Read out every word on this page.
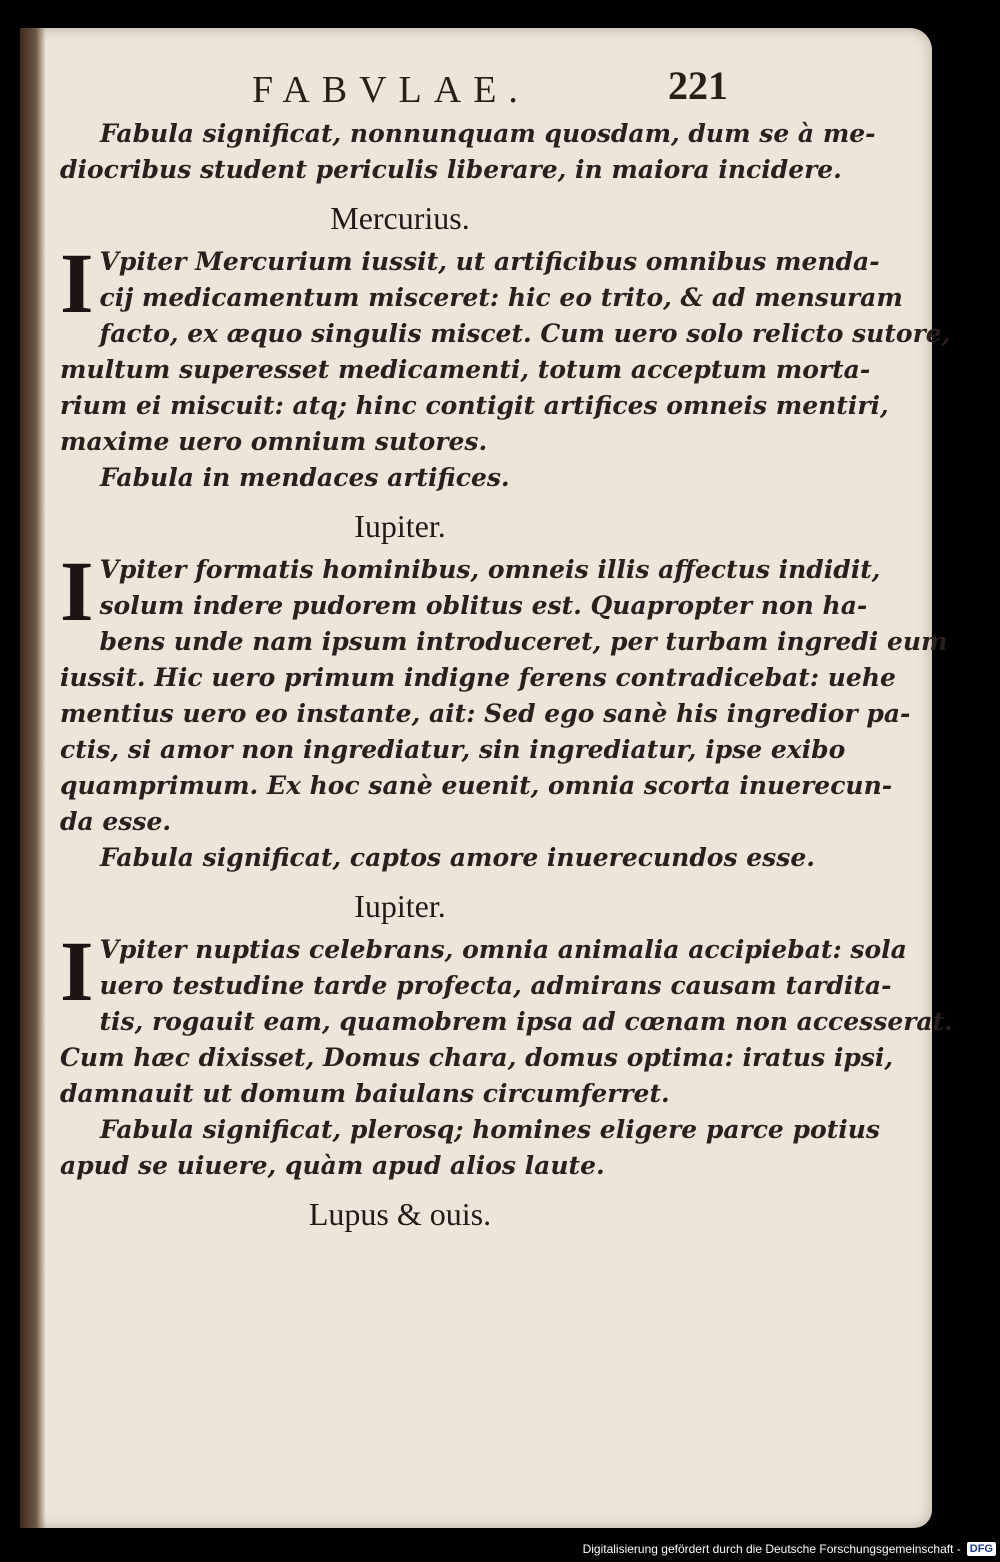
FABVLAE.	221

Fabula significat, nonnunquam quosdam, dum se à me-
diocribus student periculis liberare, in maiora incidere.

Mercurius.
I Vpiter Mercurium iussit, ut artificibus omnibus menda-
cij medicamentum misceret: hic eo trito, & ad mensuram
facto, ex æquo singulis miscet. Cum uero solo relicto sutore,
multum superesset medicamenti, totum acceptum morta-
rium ei miscuit: atq; hinc contigit artifices omneis mentiri,
maxime uero omnium sutores.

Fabula in mendaces artifices.

Iupiter.
I Vpiter formatis hominibus, omneis illis affectus indidit,
solum indere pudorem oblitus est. Quapropter non ha-
bens unde nam ipsum introduceret, per turbam ingredi eum
iussit. Hic uero primum indigne ferens contradicebat: uehe
mentius uero eo instante, ait: Sed ego sanè his ingredior pa-
ctis, si amor non ingrediatur, sin ingrediatur, ipse exibo
quamprimum. Ex hoc sanè euenit, omnia scorta inuerecun-
da esse.

Fabula significat, captos amore inuerecundos esse.

Iupiter.
I Vpiter nuptias celebrans, omnia animalia accipiebat: sola
uero testudine tarde profecta, admirans causam tardita-
tis, rogauit eam, quamobrem ipsa ad cœnam non accesserat.
Cum hæc dixisset, Domus chara, domus optima: iratus ipsi,
damnauit ut domum baiulans circumferret.

Fabula significat, plerosq; homines eligere parce potius
apud se uiuere, quàm apud alios laute.

Lupus & ouis.
Digitalisierung gefördert durch die Deutsche Forschungsgemeinschaft - DFG
